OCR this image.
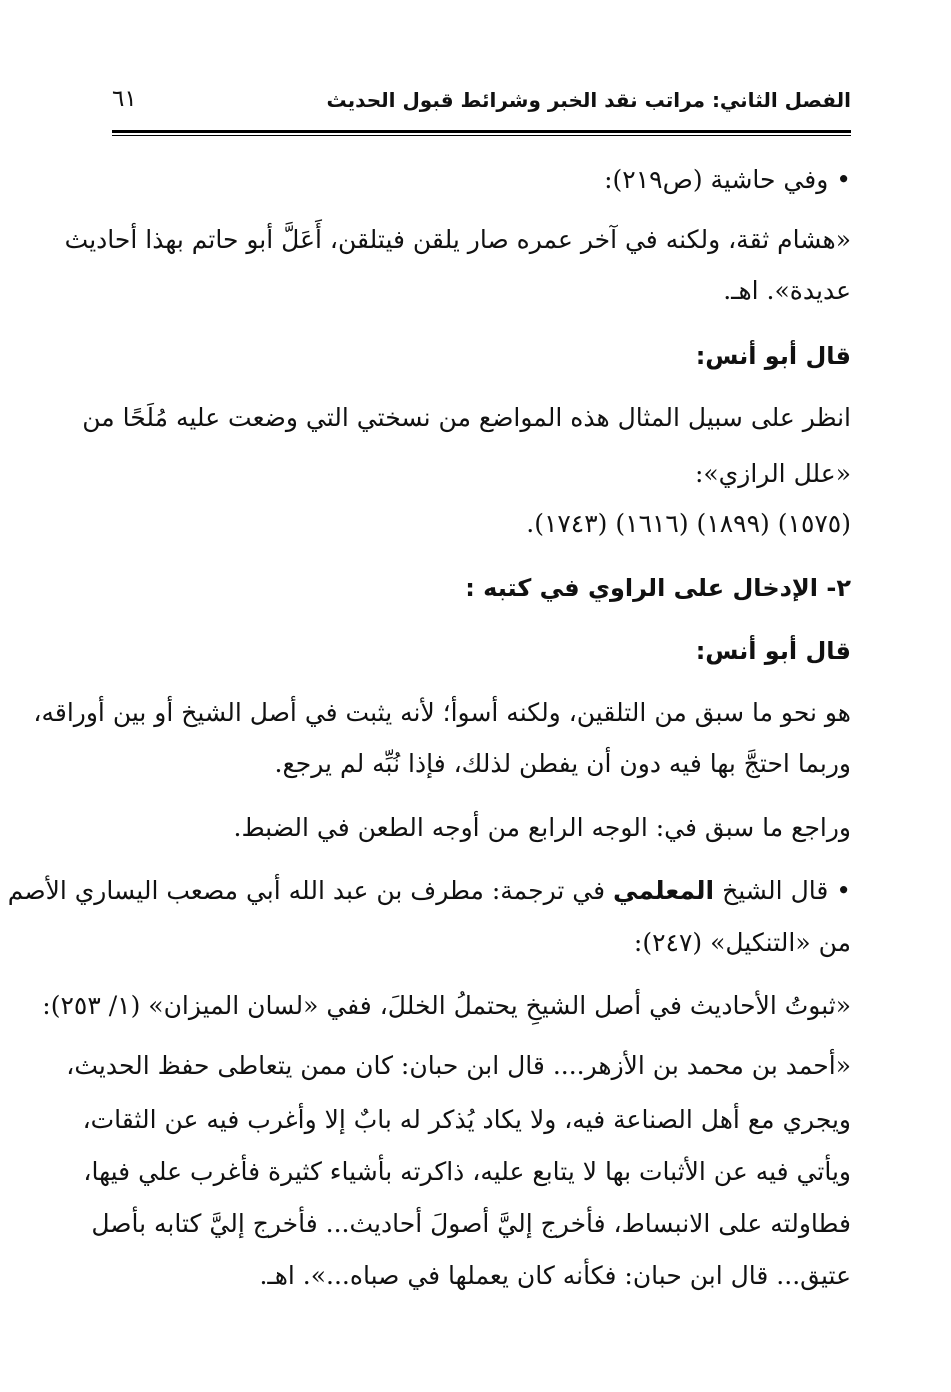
الفصل الثاني: مراتب نقد الخبر وشرائط قبول الحديث
٦١
• وفي حاشية (ص٢١٩):
«هشام ثقة، ولكنه في آخر عمره صار يلقن فيتلقن، أَعَلَّ أبو حاتم بهذا أحاديث
عديدة». اهـ.
قال أبو أنس:
انظر على سبيل المثال هذه المواضع من نسختي التي وضعت عليه مُلَحًا من
«علل الرازي»:
(١٥٧٥) (١٨٩٩) (١٦١٦) (١٧٤٣).
٢- الإدخال على الراوي في كتبه :
قال أبو أنس:
هو نحو ما سبق من التلقين، ولكنه أسوأ؛ لأنه يثبت في أصل الشيخ أو بين أوراقه،
وربما احتجَّ بها فيه دون أن يفطن لذلك، فإذا نُبِّه لم يرجع.
وراجع ما سبق في: الوجه الرابع من أوجه الطعن في الضبط.
• قال الشيخ المعلمي في ترجمة: مطرف بن عبد الله أبي مصعب اليساري الأصم
من «التنكيل» (٢٤٧):
«ثبوتُ الأحاديث في أصل الشيخِ يحتملُ الخللَ، ففي «لسان الميزان» (١/ ٢٥٣):
«أحمد بن محمد بن الأزهر.... قال ابن حبان: كان ممن يتعاطى حفظ الحديث،
ويجري مع أهل الصناعة فيه، ولا يكاد يُذكر له بابٌ إلا وأغرب فيه عن الثقات،
ويأتي فيه عن الأثبات بها لا يتابع عليه، ذاكرته بأشياء كثيرة فأغرب علي فيها،
فطاولته على الانبساط، فأخرج إليَّ أصولَ أحاديث... فأخرج إليَّ كتابه بأصل
عتيق... قال ابن حبان: فكأنه كان يعملها في صباه...». اهـ.
